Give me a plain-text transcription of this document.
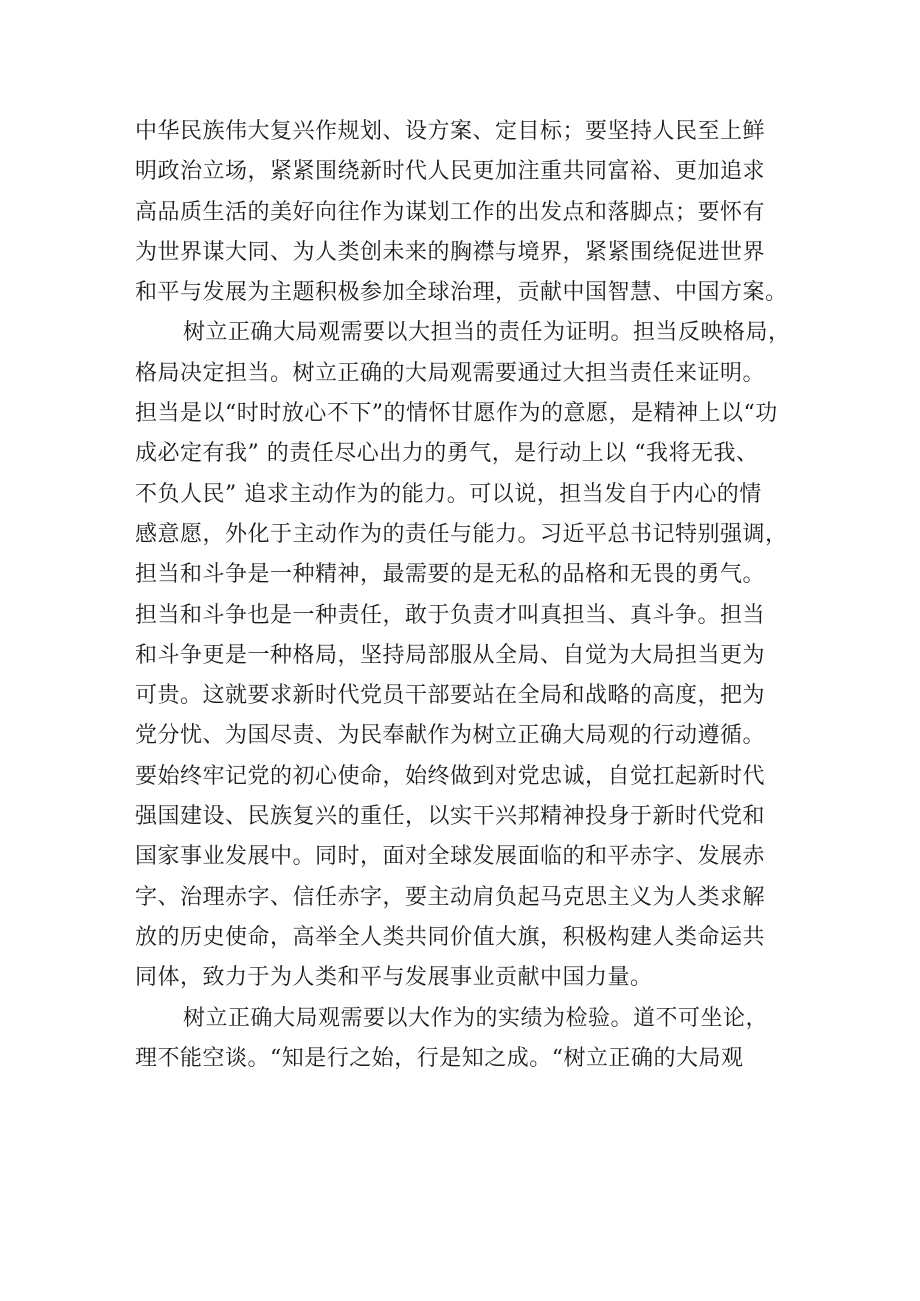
中华民族伟大复兴作规划、设方案、定目标；要坚持人民至上鲜
明政治立场，紧紧围绕新时代人民更加注重共同富裕、更加追求
高品质生活的美好向往作为谋划工作的出发点和落脚点；要怀有
为世界谋大同、为人类创未来的胸襟与境界，紧紧围绕促进世界
和平与发展为主题积极参加全球治理，贡献中国智慧、中国方案。
树立正确大局观需要以大担当的责任为证明。担当反映格局，
格局决定担当。树立正确的大局观需要通过大担当责任来证明。
担当是以“时时放心不下”的情怀甘愿作为的意愿，是精神上以“功
成必定有我” 的责任尽心出力的勇气，是行动上以 “我将无我、
不负人民” 追求主动作为的能力。可以说，担当发自于内心的情
感意愿，外化于主动作为的责任与能力。习近平总书记特别强调，
担当和斗争是一种精神，最需要的是无私的品格和无畏的勇气。
担当和斗争也是一种责任，敢于负责才叫真担当、真斗争。担当
和斗争更是一种格局，坚持局部服从全局、自觉为大局担当更为
可贵。这就要求新时代党员干部要站在全局和战略的高度，把为
党分忧、为国尽责、为民奉献作为树立正确大局观的行动遵循。
要始终牢记党的初心使命，始终做到对党忠诚，自觉扛起新时代
强国建设、民族复兴的重任，以实干兴邦精神投身于新时代党和
国家事业发展中。同时，面对全球发展面临的和平赤字、发展赤
字、治理赤字、信任赤字，要主动肩负起马克思主义为人类求解
放的历史使命，高举全人类共同价值大旗，积极构建人类命运共
同体，致力于为人类和平与发展事业贡献中国力量。
树立正确大局观需要以大作为的实绩为检验。道不可坐论，
理不能空谈。“知是行之始，行是知之成。“树立正确的大局观
